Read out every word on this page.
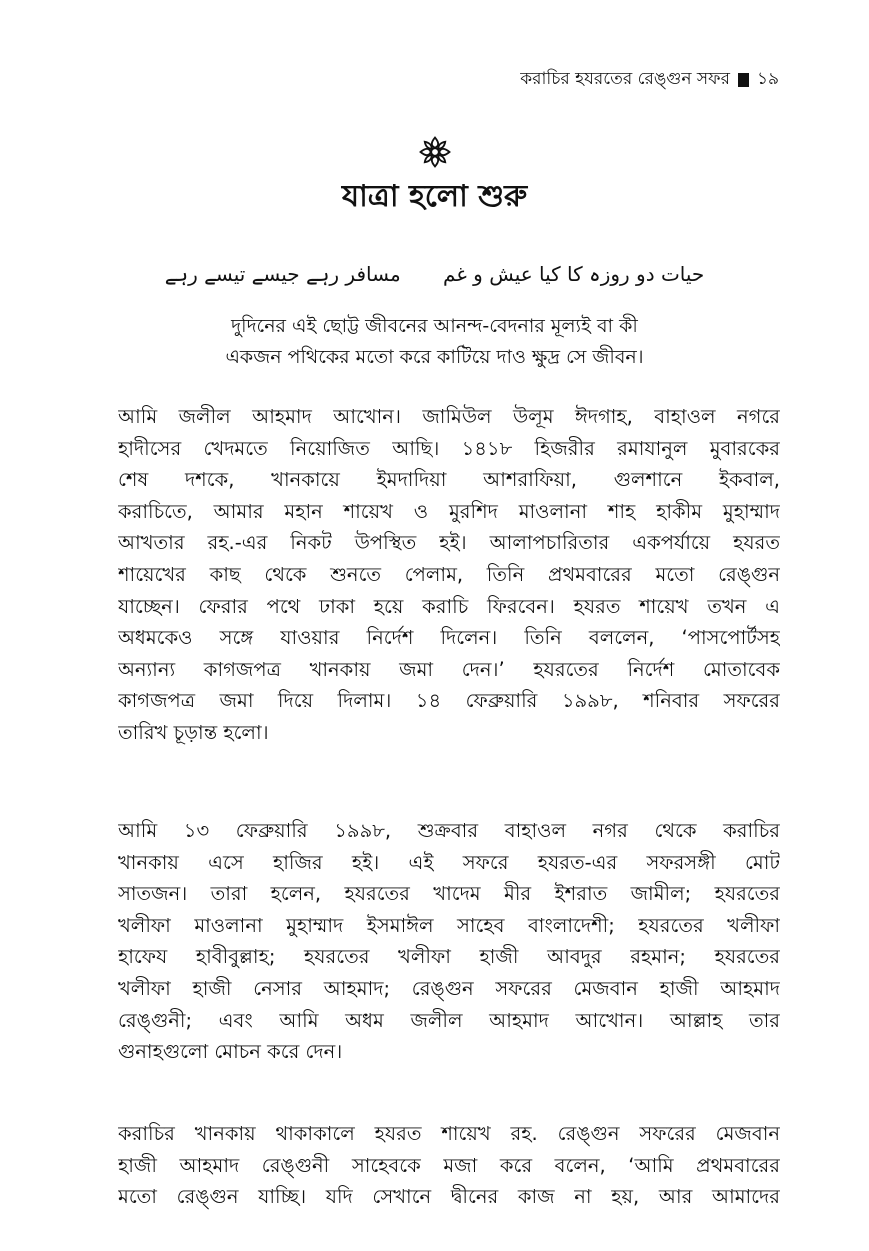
করাচির হযরতের রেঙ্গুন সফর ১৯
যাত্রা হলো শুরু
حیات دو روزہ کا کیا عیش و غم مسافر رہے جیسے تیسے رہے
দুদিনের এই ছোট্ট জীবনের আনন্দ-বেদনার মূল্যই বা কী
একজন পথিকের মতো করে কাটিয়ে দাও ক্ষুদ্র সে জীবন।
আমি জলীল আহমাদ আখোন। জামিউল উলূম ঈদগাহ, বাহাওল নগরে
হাদীসের খেদমতে নিয়োজিত আছি। ১৪১৮ হিজরীর রমাযানুল মুবারকের
শেষ দশকে, খানকায়ে ইমদাদিয়া আশরাফিয়া, গুলশানে ইকবাল,
করাচিতে, আমার মহান শায়েখ ও মুরশিদ মাওলানা শাহ হাকীম মুহাম্মাদ
আখতার রহ.-এর নিকট উপস্থিত হই। আলাপচারিতার একপর্যায়ে হযরত
শায়েখের কাছ থেকে শুনতে পেলাম, তিনি প্রথমবারের মতো রেঙ্গুন
যাচ্ছেন। ফেরার পথে ঢাকা হয়ে করাচি ফিরবেন। হযরত শায়েখ তখন এ
অধমকেও সঙ্গে যাওয়ার নির্দেশ দিলেন। তিনি বললেন, ‘পাসপোর্টসহ
অন্যান্য কাগজপত্র খানকায় জমা দেন।’ হযরতের নির্দেশ মোতাবেক
কাগজপত্র জমা দিয়ে দিলাম। ১৪ ফেব্রুয়ারি ১৯৯৮, শনিবার সফরের
তারিখ চূড়ান্ত হলো।
আমি ১৩ ফেব্রুয়ারি ১৯৯৮, শুক্রবার বাহাওল নগর থেকে করাচির
খানকায় এসে হাজির হই। এই সফরে হযরত-এর সফরসঙ্গী মোট
সাতজন। তারা হলেন, হযরতের খাদেম মীর ইশরাত জামীল; হযরতের
খলীফা মাওলানা মুহাম্মাদ ইসমাঈল সাহেব বাংলাদেশী; হযরতের খলীফা
হাফেয হাবীবুল্লাহ; হযরতের খলীফা হাজী আবদুর রহমান; হযরতের
খলীফা হাজী নেসার আহমাদ; রেঙ্গুন সফরের মেজবান হাজী আহমাদ
রেঙ্গুনী; এবং আমি অধম জলীল আহমাদ আখোন। আল্লাহ তার
গুনাহগুলো মোচন করে দেন।
করাচির খানকায় থাকাকালে হযরত শায়েখ রহ. রেঙ্গুন সফরের মেজবান
হাজী আহমাদ রেঙ্গুনী সাহেবকে মজা করে বলেন, ‘আমি প্রথমবারের
মতো রেঙ্গুন যাচ্ছি। যদি সেখানে দ্বীনের কাজ না হয়, আর আমাদের
